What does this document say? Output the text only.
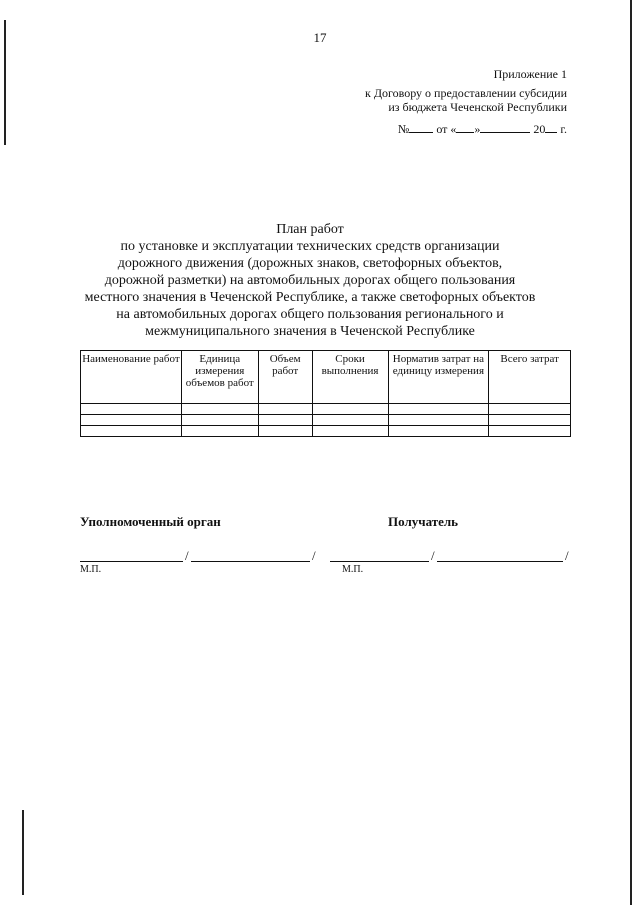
17
Приложение 1
к Договору о предоставлении субсидии
из бюджета Чеченской Республики
№ от « »	20 г.
План работ
по установке и эксплуатации технических средств организации
дорожного движения (дорожных знаков, светофорных объектов,
дорожной разметки) на автомобильных дорогах общего пользования
местного значения в Чеченской Республике, а также светофорных объектов
на автомобильных дорогах общего пользования регионального и
межмуниципального значения в Чеченской Республике
Наименование работ	Единица измерения объемов работ	Объем работ	Сроки выполнения	Норматив затрат на единицу измерения	Всего затрат

Уполномоченный орган	Получатель
/	/
М.П.
/	/
М.П.
